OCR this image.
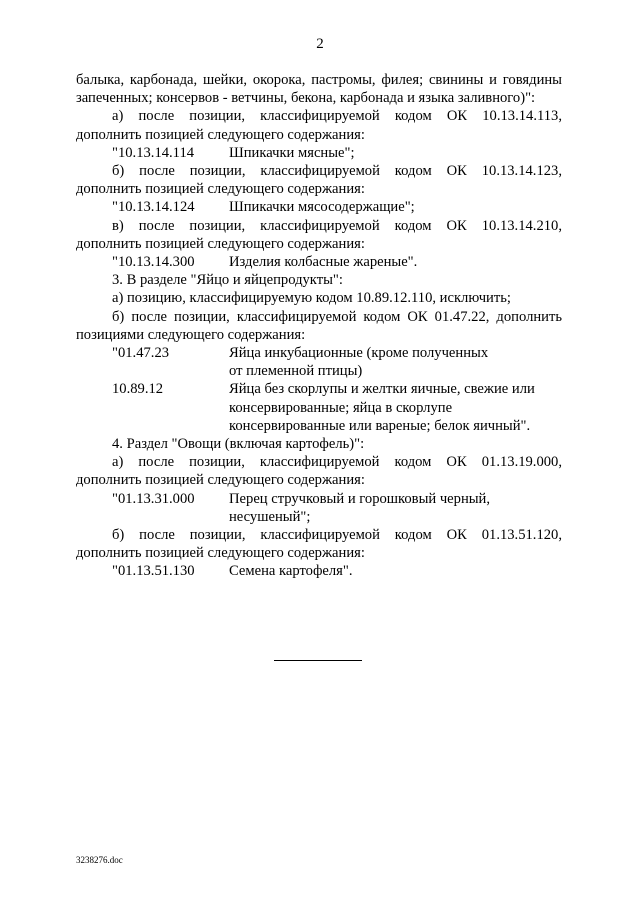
2

балыка, карбонада, шейки, окорока, пастромы, филея; свинины и говядины

запеченных; консервов - ветчины, бекона, карбонада и языка заливного)":

а) после позиции, классифицируемой кодом ОК 10.13.14.113,

дополнить позицией следующего содержания:

"10.13.14.114	Шпикачки мясные";

б) после позиции, классифицируемой кодом ОК 10.13.14.123,

дополнить позицией следующего содержания:

"10.13.14.124	Шпикачки мясосодержащие";

в) после позиции, классифицируемой кодом ОК 10.13.14.210,

дополнить позицией следующего содержания:

"10.13.14.300	Изделия колбасные жареные".

3. В разделе "Яйцо и яйцепродукты":

а) позицию, классифицируемую кодом 10.89.12.110, исключить;

б) после позиции, классифицируемой кодом ОК 01.47.22, дополнить

позициями следующего содержания:

"01.47.23	Яйца инкубационные (кроме полученных
от племенной птицы)
10.89.12	Яйца без скорлупы и желтки яичные, свежие или
консервированные; яйца в скорлупе
консервированные или вареные; белок яичный".

4. Раздел "Овощи (включая картофель)":

а) после позиции, классифицируемой кодом ОК 01.13.19.000,

дополнить позицией следующего содержания:

"01.13.31.000	Перец стручковый и горошковый черный,
несушеный";

б) после позиции, классифицируемой кодом ОК 01.13.51.120,

дополнить позицией следующего содержания:

"01.13.51.130	Семена картофеля".
3238276.doc
